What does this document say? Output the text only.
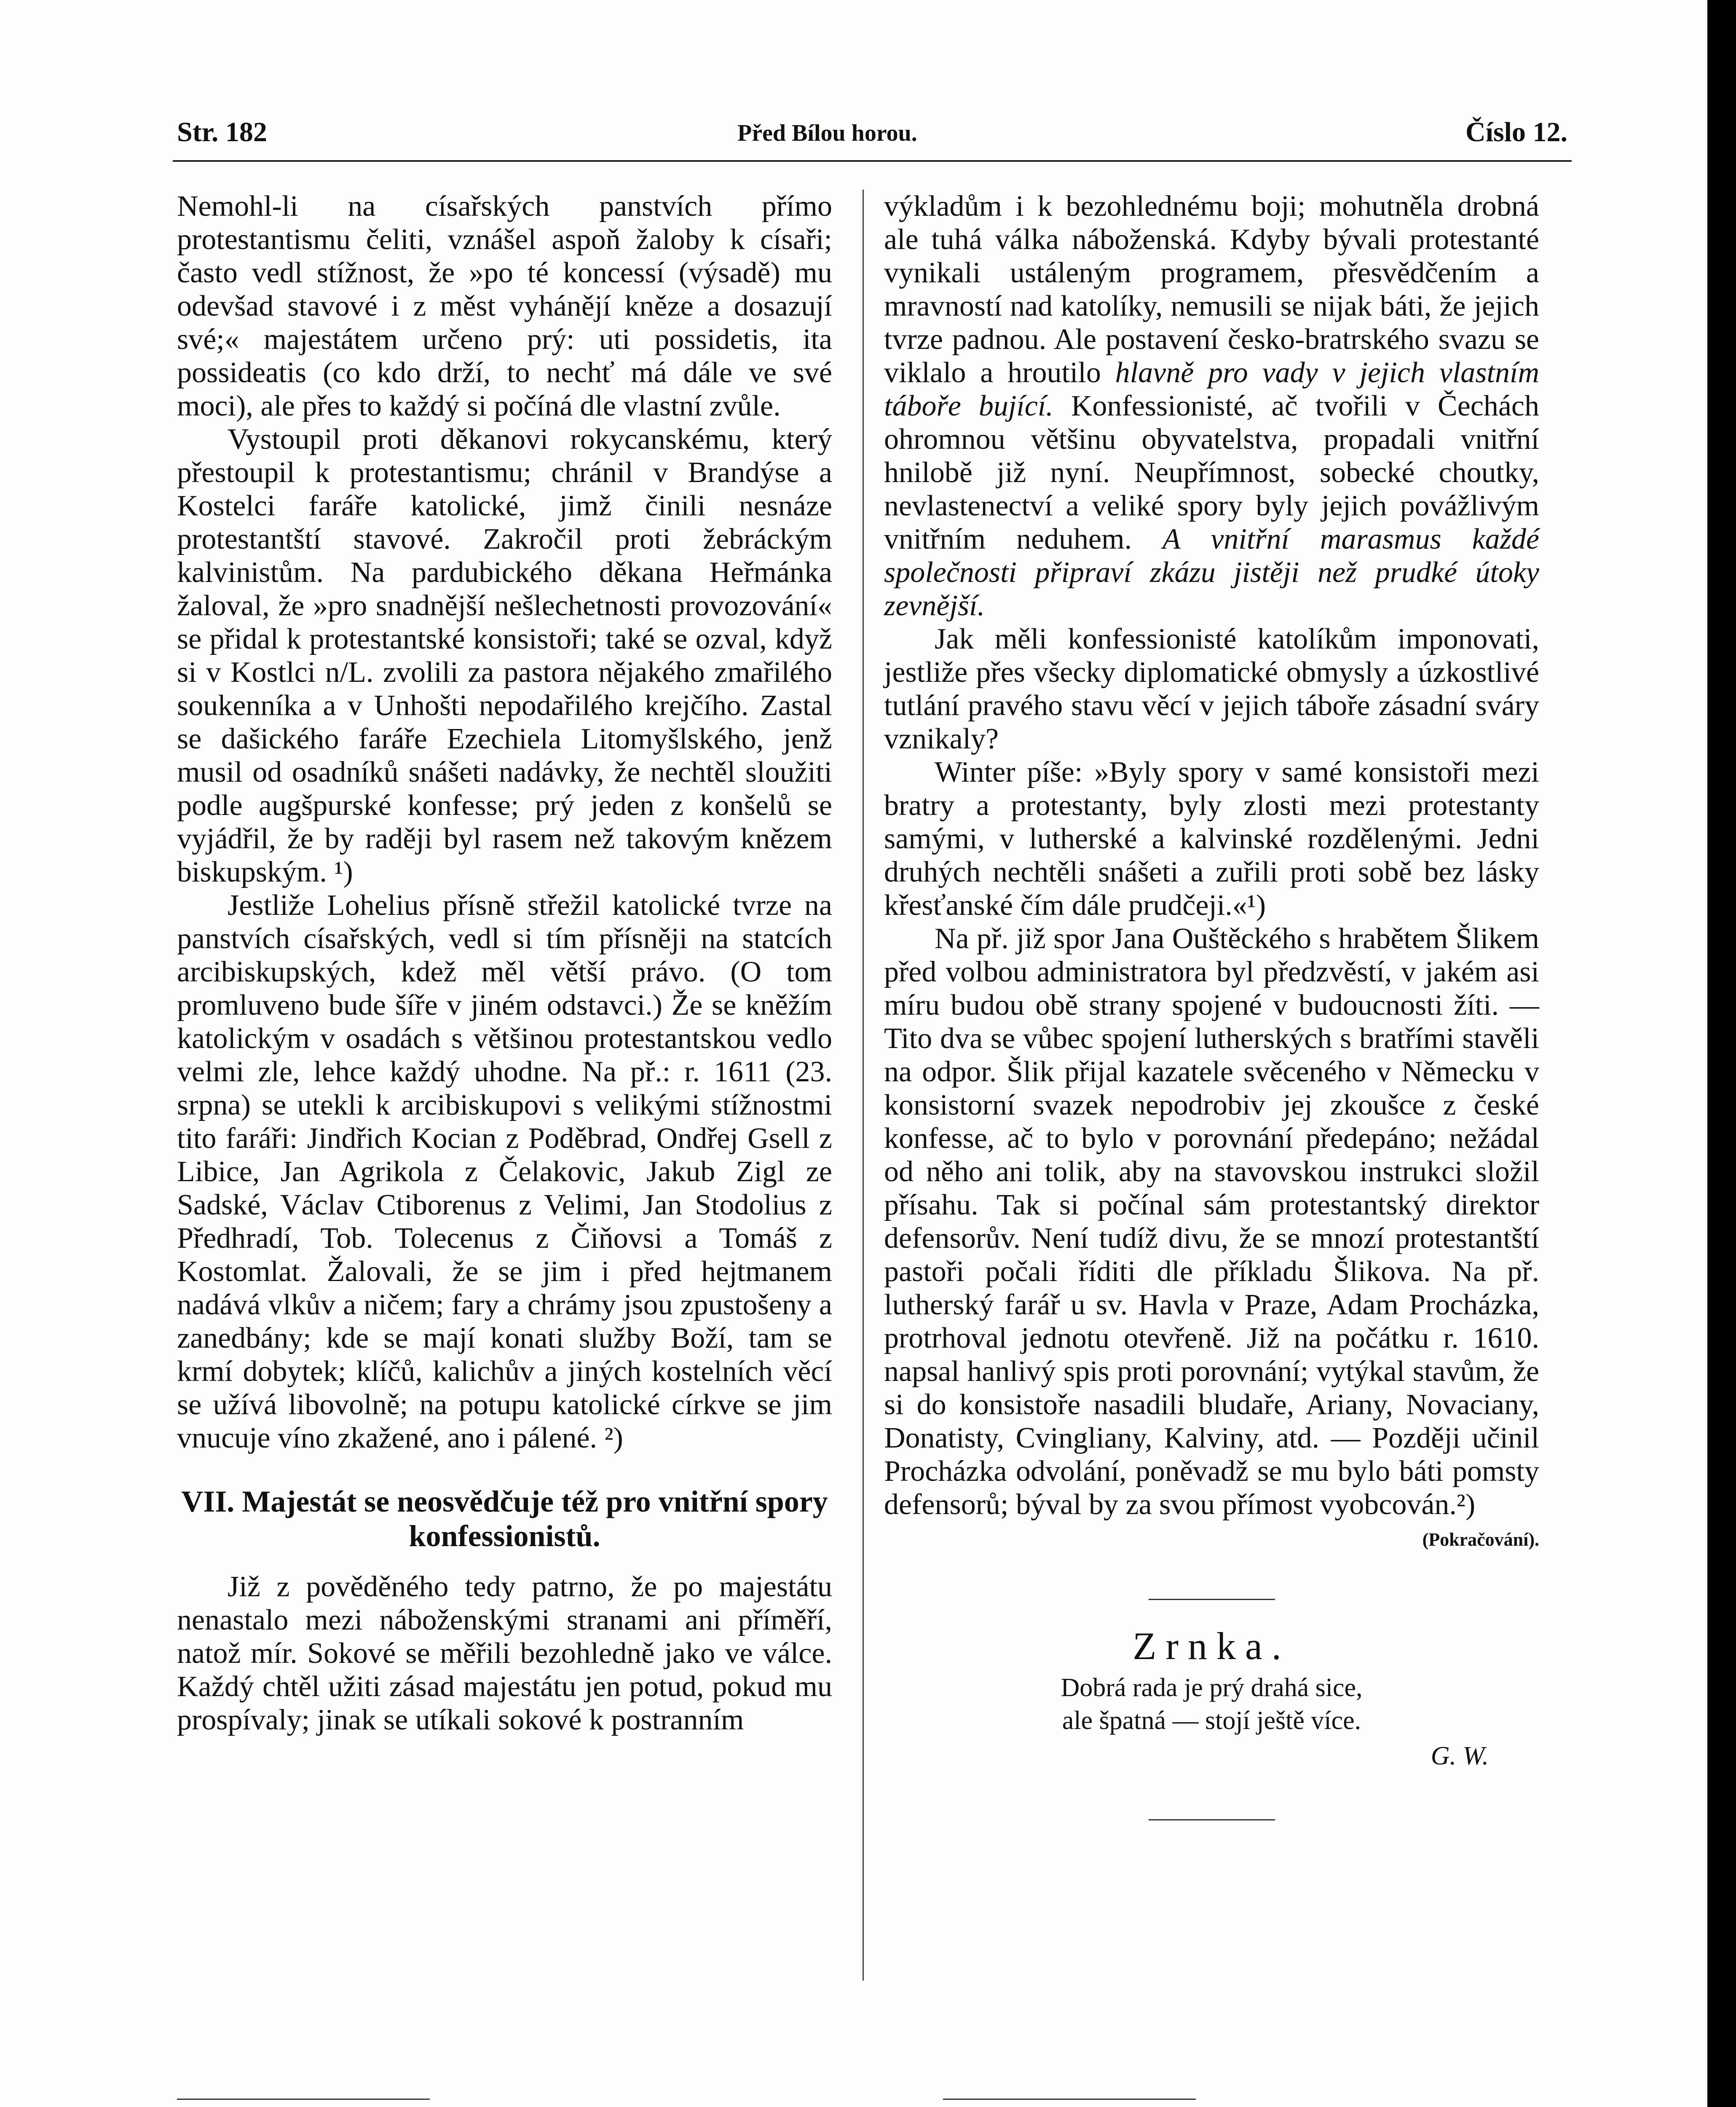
Str. 182	Před Bílou horou.	Číslo 12.

Nemohl-li na císařských panstvích přímo protestantismu čeliti, vznášel aspoň žaloby k císaři; často vedl stížnost, že »po té koncessí (výsadě) mu odevšad stavové i z měst vyhánějí kněze a dosazují své;« majestátem určeno prý: uti possidetis, ita possideatis (co kdo drží, to nechť má dále ve své moci), ale přes to každý si počíná dle vlastní zvůle.

Vystoupil proti děkanovi rokycanskému, který přestoupil k protestantismu; chránil v Brandýse a Kostelci faráře katolické, jimž činili nesnáze protestantští stavové. Zakročil proti žebráckým kalvinistům. Na pardubického děkana Heřmánka žaloval, že »pro snadnější nešlechetnosti provozování« se přidal k protestantské konsistoři; také se ozval, když si v Kostlci n/L. zvolili za pastora nějakého zmařilého soukenníka a v Unhošti nepodařilého krejčího. Zastal se dašického faráře Ezechiela Litomyšlského, jenž musil od osadníků snášeti nadávky, že nechtěl sloužiti podle augšpurské konfesse; prý jeden z konšelů se vyjádřil, že by raději byl rasem než takovým knězem biskupským. ¹)

Jestliže Lohelius přísně střežil katolické tvrze na panstvích císařských, vedl si tím přísněji na statcích arcibiskupských, kdež měl větší právo. (O tom promluveno bude šíře v jiném odstavci.) Že se kněžím katolickým v osadách s většinou protestantskou vedlo velmi zle, lehce každý uhodne. Na př.: r. 1611 (23. srpna) se utekli k arcibiskupovi s velikými stížnostmi tito faráři: Jindřich Kocian z Poděbrad, Ondřej Gsell z Libice, Jan Agrikola z Čelakovic, Jakub Zigl ze Sadské, Václav Ctiborenus z Velimi, Jan Stodolius z Předhradí, Tob. Tolecenus z Čiňovsi a Tomáš z Kostomlat. Žalovali, že se jim i před hejtmanem nadává vlkův a ničem; fary a chrámy jsou zpustošeny a zanedbány; kde se mají konati služby Boží, tam se krmí dobytek; klíčů, kalichův a jiných kostelních věcí se užívá libovolně; na potupu katolické církve se jim vnucuje víno zkažené, ano i pálené. ²)

VII. Majestát se neosvědčuje též pro vnitřní spory konfessionistů.

Již z pověděného tedy patrno, že po majestátu nenastalo mezi náboženskými stranami ani příměří, natož mír. Sokové se měřili bezohledně jako ve válce. Každý chtěl užiti zásad majestátu jen potud, pokud mu prospívaly; jinak se utíkali sokové k postranním

výkladům i k bezohlednému boji; mohutněla drobná ale tuhá válka náboženská. Kdyby bývali protestanté vynikali ustáleným programem, přesvědčením a mravností nad katolíky, nemusili se nijak báti, že jejich tvrze padnou. Ale postavení česko-bratrského svazu se viklalo a hroutilo hlavně pro vady v jejich vlastním táboře bující. Konfessionisté, ač tvořili v Čechách ohromnou většinu obyvatelstva, propadali vnitřní hnilobě již nyní. Neupřímnost, sobecké choutky, nevlastenectví a veliké spory byly jejich povážlivým vnitřním neduhem. A vnitřní marasmus každé společnosti připraví zkázu jistěji než prudké útoky zevnější.

Jak měli konfessionisté katolíkům imponovati, jestliže přes všecky diplomatické obmysly a úzkostlivé tutlání pravého stavu věcí v jejich táboře zásadní sváry vznikaly?

Winter píše: »Byly spory v samé konsistoři mezi bratry a protestanty, byly zlosti mezi protestanty samými, v lutherské a kalvinské rozdělenými. Jedni druhých nechtěli snášeti a zuřili proti sobě bez lásky křesťanské čím dále prudčeji.«¹)

Na př. již spor Jana Ouštěckého s hrabětem Šlikem před volbou administratora byl předzvěstí, v jakém asi míru budou obě strany spojené v budoucnosti žíti. — Tito dva se vůbec spojení lutherských s bratřími stavěli na odpor. Šlik přijal kazatele svěceného v Německu v konsistorní svazek nepodrobiv jej zkoušce z české konfesse, ač to bylo v porovnání předepáno; nežádal od něho ani tolik, aby na stavovskou instrukci složil přísahu. Tak si počínal sám protestantský direktor defensorův. Není tudíž divu, že se mnozí protestantští pastoři počali říditi dle příkladu Šlikova. Na př. lutherský farář u sv. Havla v Praze, Adam Procházka, protrhoval jednotu otevřeně. Již na počátku r. 1610. napsal hanlivý spis proti porovnání; vytýkal stavům, že si do konsistoře nasadili bludaře, Ariany, Novaciany, Donatisty, Cvingliany, Kalviny, atd. — Později učinil Procházka odvolání, poněvadž se mu bylo báti pomsty defensorů; býval by za svou přímost vyobcován.²)

(Pokračování).
Zrnka.
Dobrá rada je prý drahá sice,
ale špatná — stojí ještě více.
G. W.
